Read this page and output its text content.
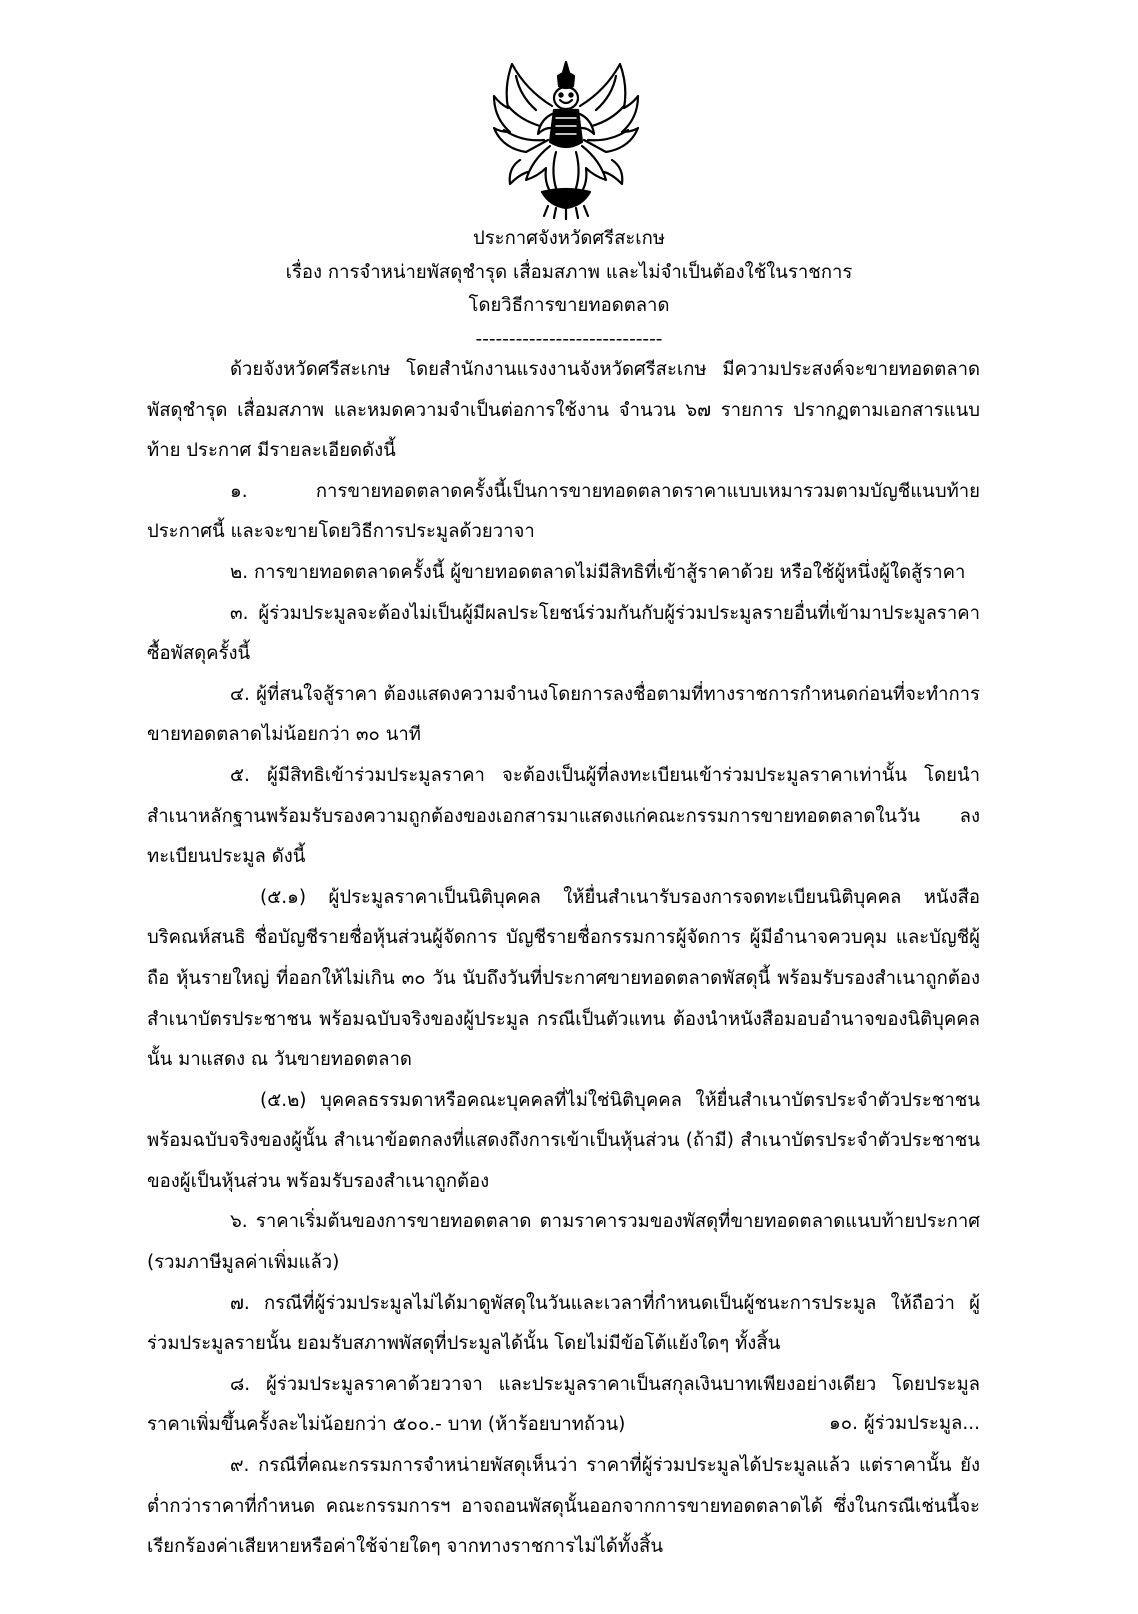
ประกาศจังหวัดศรีสะเกษ
เรื่อง การจำหน่ายพัสดุชำรุด เสื่อมสภาพ และไม่จำเป็นต้องใช้ในราชการ
โดยวิธีการขายทอดตลาด
----------------------------
ด้วยจังหวัดศรีสะเกษ โดยสำนักงานแรงงานจังหวัดศรีสะเกษ มีความประสงค์จะขายทอดตลาด พัสดุชำรุด เสื่อมสภาพ และหมดความจำเป็นต่อการใช้งาน จำนวน ๖๗ รายการ ปรากฏตามเอกสารแนบท้าย ประกาศ มีรายละเอียดดังนี้
๑. การขายทอดตลาดครั้งนี้เป็นการขายทอดตลาดราคาแบบเหมารวมตามบัญชีแนบท้าย ประกาศนี้ และจะขายโดยวิธีการประมูลด้วยวาจา
๒. การขายทอดตลาดครั้งนี้ ผู้ขายทอดตลาดไม่มีสิทธิที่เข้าสู้ราคาด้วย หรือใช้ผู้หนึ่งผู้ใดสู้ราคา
๓. ผู้ร่วมประมูลจะต้องไม่เป็นผู้มีผลประโยชน์ร่วมกันกับผู้ร่วมประมูลรายอื่นที่เข้ามาประมูลราคา ซื้อพัสดุครั้งนี้
๔. ผู้ที่สนใจสู้ราคา ต้องแสดงความจำนงโดยการลงชื่อตามที่ทางราชการกำหนดก่อนที่จะทำการ ขายทอดตลาดไม่น้อยกว่า ๓๐ นาที
๕. ผู้มีสิทธิเข้าร่วมประมูลราคา จะต้องเป็นผู้ที่ลงทะเบียนเข้าร่วมประมูลราคาเท่านั้น โดยนำ สำเนาหลักฐานพร้อมรับรองความถูกต้องของเอกสารมาแสดงแก่คณะกรรมการขายทอดตลาดในวัน ลงทะเบียนประมูล ดังนี้
(๕.๑) ผู้ประมูลราคาเป็นนิติบุคคล ให้ยื่นสำเนารับรองการจดทะเบียนนิติบุคคล หนังสือ บริคณห์สนธิ ชื่อบัญชีรายชื่อหุ้นส่วนผู้จัดการ บัญชีรายชื่อกรรมการผู้จัดการ ผู้มีอำนาจควบคุม และบัญชีผู้ถือ หุ้นรายใหญ่ ที่ออกให้ไม่เกิน ๓๐ วัน นับถึงวันที่ประกาศขายทอดตลาดพัสดุนี้ พร้อมรับรองสำเนาถูกต้อง สำเนาบัตรประชาชน พร้อมฉบับจริงของผู้ประมูล กรณีเป็นตัวแทน ต้องนำหนังสือมอบอำนาจของนิติบุคคลนั้น มาแสดง ณ วันขายทอดตลาด
(๕.๒) บุคคลธรรมดาหรือคณะบุคคลที่ไม่ใช่นิติบุคคล ให้ยื่นสำเนาบัตรประจำตัวประชาชน พร้อมฉบับจริงของผู้นั้น สำเนาข้อตกลงที่แสดงถึงการเข้าเป็นหุ้นส่วน (ถ้ามี) สำเนาบัตรประจำตัวประชาชน ของผู้เป็นหุ้นส่วน พร้อมรับรองสำเนาถูกต้อง
๖. ราคาเริ่มต้นของการขายทอดตลาด ตามราคารวมของพัสดุที่ขายทอดตลาดแนบท้ายประกาศ (รวมภาษีมูลค่าเพิ่มแล้ว)
๗. กรณีที่ผู้ร่วมประมูลไม่ได้มาดูพัสดุในวันและเวลาที่กำหนดเป็นผู้ชนะการประมูล ให้ถือว่า ผู้ร่วมประมูลรายนั้น ยอมรับสภาพพัสดุที่ประมูลได้นั้น โดยไม่มีข้อโต้แย้งใดๆ ทั้งสิ้น
๘. ผู้ร่วมประมูลราคาด้วยวาจา และประมูลราคาเป็นสกุลเงินบาทเพียงอย่างเดียว โดยประมูล ราคาเพิ่มขึ้นครั้งละไม่น้อยกว่า ๕๐๐.- บาท (ห้าร้อยบาทถ้วน)
๙. กรณีที่คณะกรรมการจำหน่ายพัสดุเห็นว่า ราคาที่ผู้ร่วมประมูลได้ประมูลแล้ว แต่ราคานั้น ยังต่ำกว่าราคาที่กำหนด คณะกรรมการฯ อาจถอนพัสดุนั้นออกจากการขายทอดตลาดได้ ซึ่งในกรณีเช่นนี้จะ เรียกร้องค่าเสียหายหรือค่าใช้จ่ายใดๆ จากทางราชการไม่ได้ทั้งสิ้น
๑๐. ผู้ร่วมประมูล...
